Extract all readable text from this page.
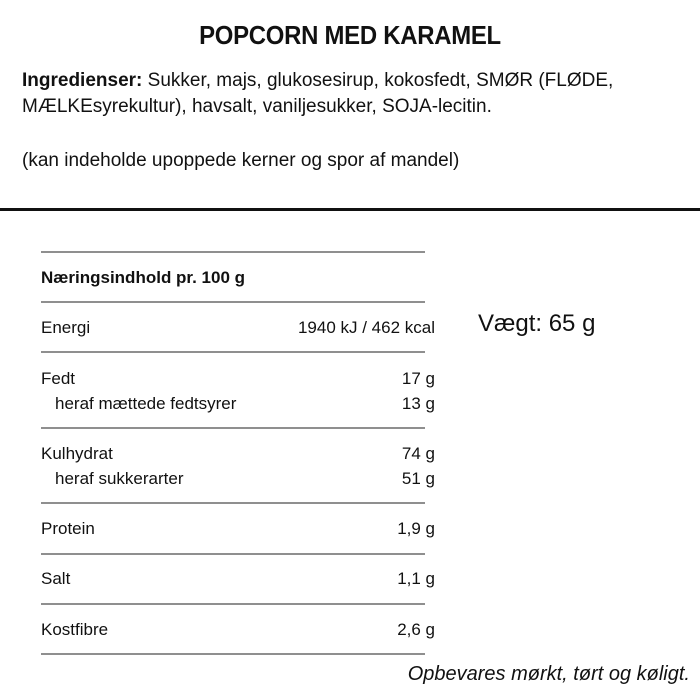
POPCORN MED KARAMEL
Ingredienser: Sukker, majs, glukosesirup, kokosfedt, SMØR (FLØDE, MÆLKEsyrekultur), havsalt, vaniljesukker, SOJA-lecitin.
(kan indeholde upoppede kerner og spor af mandel)
Næringsindhold pr. 100 g
Energi	1940 kJ / 462 kcal
Fedt	17 g
heraf mættede fedtsyrer	13 g
Kulhydrat	74 g
heraf sukkerarter	51 g
Protein	1,9 g
Salt	1,1 g
Kostfibre	2,6 g
Vægt: 65 g
Opbevares mørkt, tørt og køligt.
